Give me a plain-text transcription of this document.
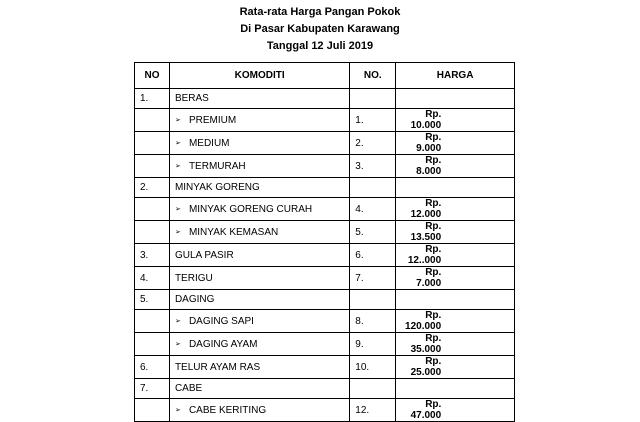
Rata-rata Harga Pangan Pokok
Di Pasar Kabupaten Karawang
Tanggal 12 Juli 2019
NO	KOMODITI	NO.	HARGA
1.	BERAS		
	➢ PREMIUM	1.	Rp.10.000
	➢ MEDIUM	2.	Rp.9.000
	➢ TERMURAH	3.	Rp.8.000
2.	MINYAK GORENG		
	➢ MINYAK GORENG CURAH	4.	Rp.12.000
	➢ MINYAK KEMASAN	5.	Rp.13.500
3.	GULA PASIR	6.	Rp.12..000
4.	TERIGU	7.	Rp.7.000
5.	DAGING		
	➢ DAGING SAPI	8.	Rp.120.000
	➢ DAGING AYAM	9.	Rp.35.000
6.	TELUR AYAM RAS	10.	Rp.25.000
7.	CABE		
	➢ CABE KERITING	12.	Rp.47.000
